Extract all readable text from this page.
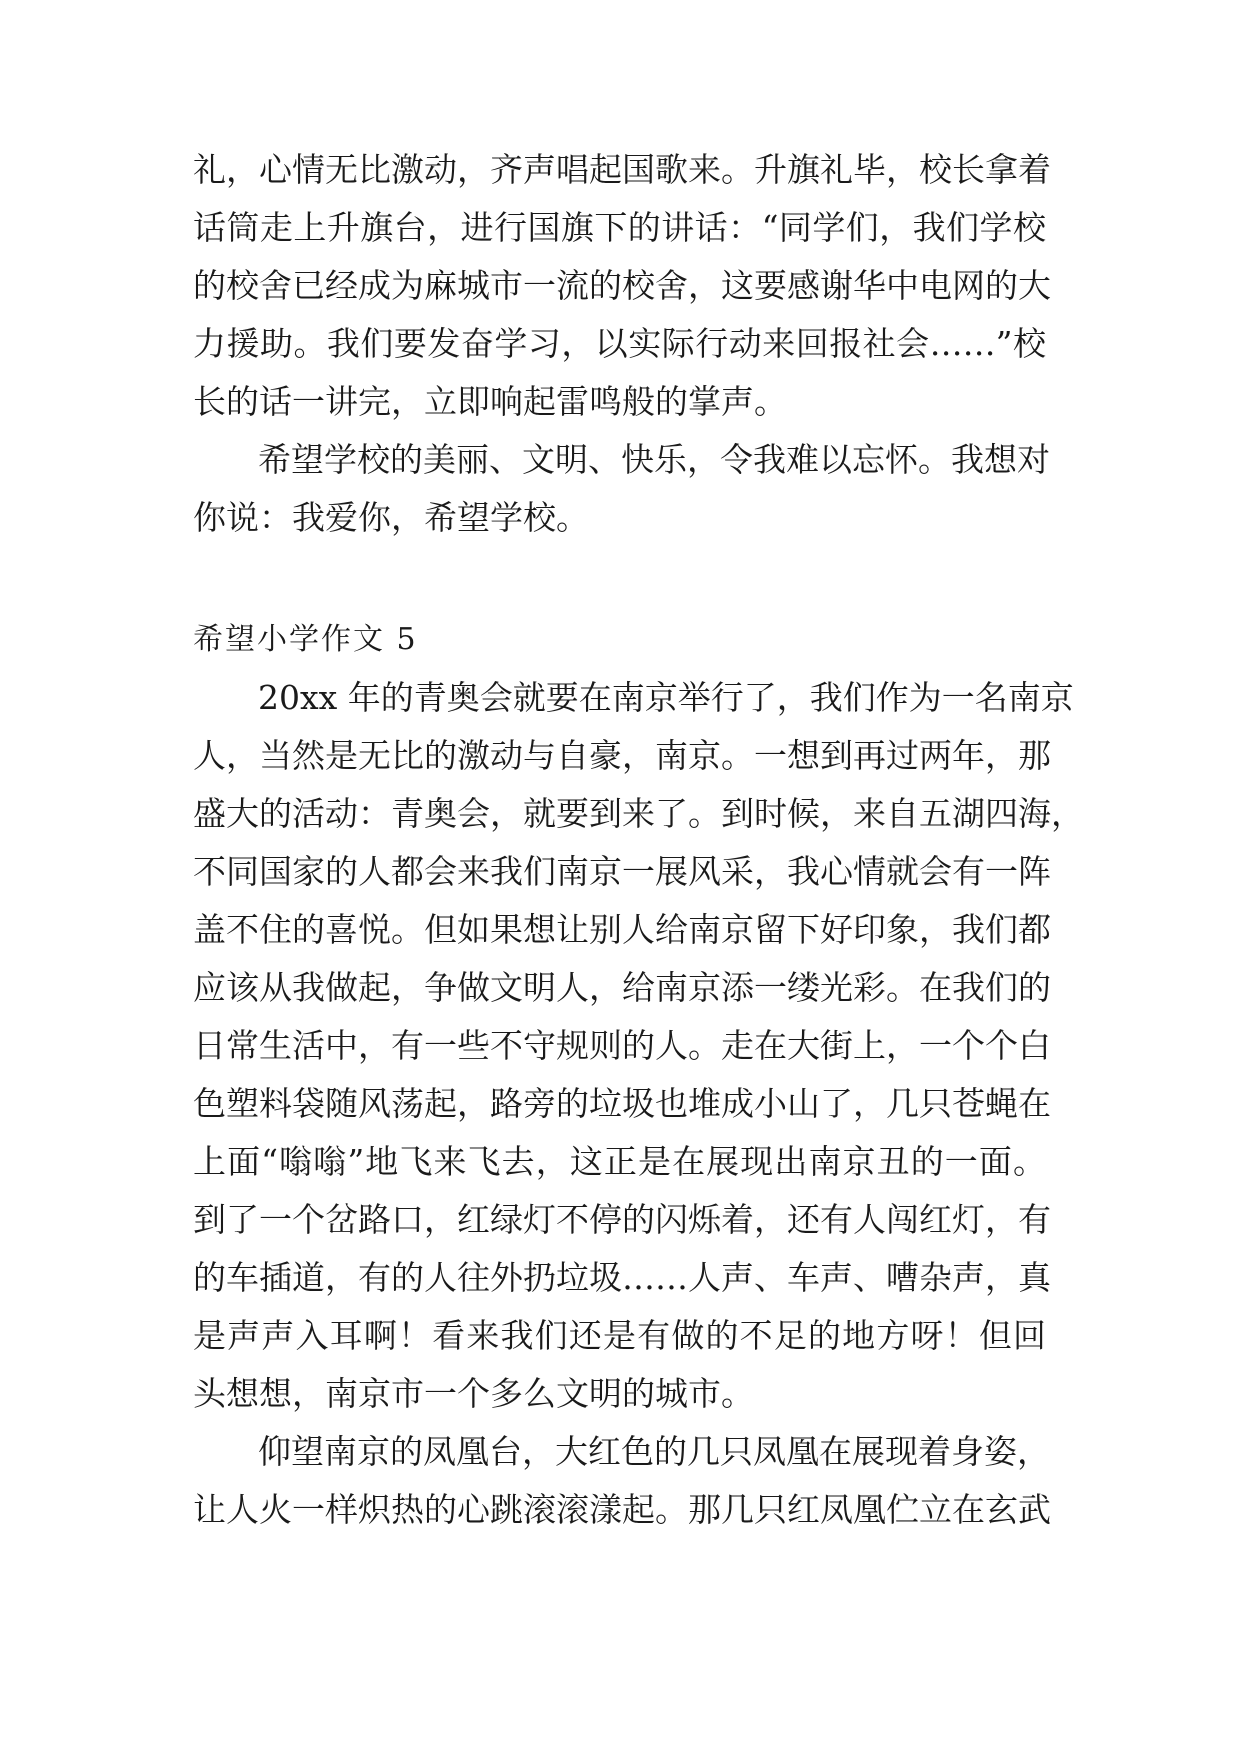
礼，心情无比激动，齐声唱起国歌来。升旗礼毕，校长拿着
话筒走上升旗台，进行国旗下的讲话：“同学们，我们学校
的校舍已经成为麻城市一流的校舍，这要感谢华中电网的大
力援助。我们要发奋学习，以实际行动来回报社会……”校
长的话一讲完，立即响起雷鸣般的掌声。
希望学校的美丽、文明、快乐，令我难以忘怀。我想对
你说：我爱你，希望学校。
希望小学作文 5
20xx 年的青奥会就要在南京举行了，我们作为一名南京
人，当然是无比的激动与自豪，南京。一想到再过两年，那
盛大的活动：青奥会，就要到来了。到时候，来自五湖四海，
不同国家的人都会来我们南京一展风采，我心情就会有一阵
盖不住的喜悦。但如果想让别人给南京留下好印象，我们都
应该从我做起，争做文明人，给南京添一缕光彩。在我们的
日常生活中，有一些不守规则的人。走在大街上，一个个白
色塑料袋随风荡起，路旁的垃圾也堆成小山了，几只苍蝇在
上面“嗡嗡”地飞来飞去，这正是在展现出南京丑的一面。
到了一个岔路口，红绿灯不停的闪烁着，还有人闯红灯，有
的车插道，有的人往外扔垃圾……人声、车声、嘈杂声，真
是声声入耳啊！看来我们还是有做的不足的地方呀！但回
头想想，南京市一个多么文明的城市。
仰望南京的凤凰台，大红色的几只凤凰在展现着身姿，
让人火一样炽热的心跳滚滚漾起。那几只红凤凰伫立在玄武
